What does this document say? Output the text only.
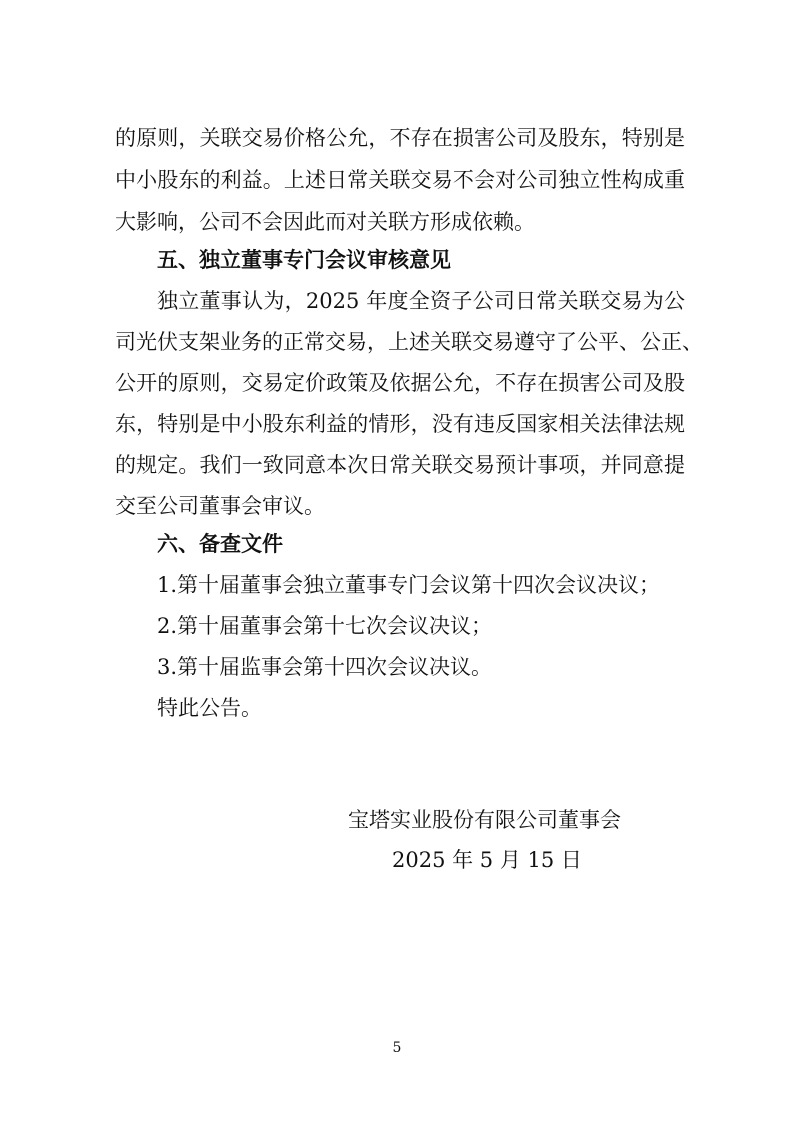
的原则，关联交易价格公允，不存在损害公司及股东，特别是
中小股东的利益。上述日常关联交易不会对公司独立性构成重
大影响，公司不会因此而对关联方形成依赖。
五、独立董事专门会议审核意见
独立董事认为，2025 年度全资子公司日常关联交易为公
司光伏支架业务的正常交易，上述关联交易遵守了公平、公正、
公开的原则，交易定价政策及依据公允，不存在损害公司及股
东，特别是中小股东利益的情形，没有违反国家相关法律法规
的规定。我们一致同意本次日常关联交易预计事项，并同意提
交至公司董事会审议。
六、备查文件
1.第十届董事会独立董事专门会议第十四次会议决议；
2.第十届董事会第十七次会议决议；
3.第十届监事会第十四次会议决议。
特此公告。
宝塔实业股份有限公司董事会
2025 年 5 月 15 日
5
